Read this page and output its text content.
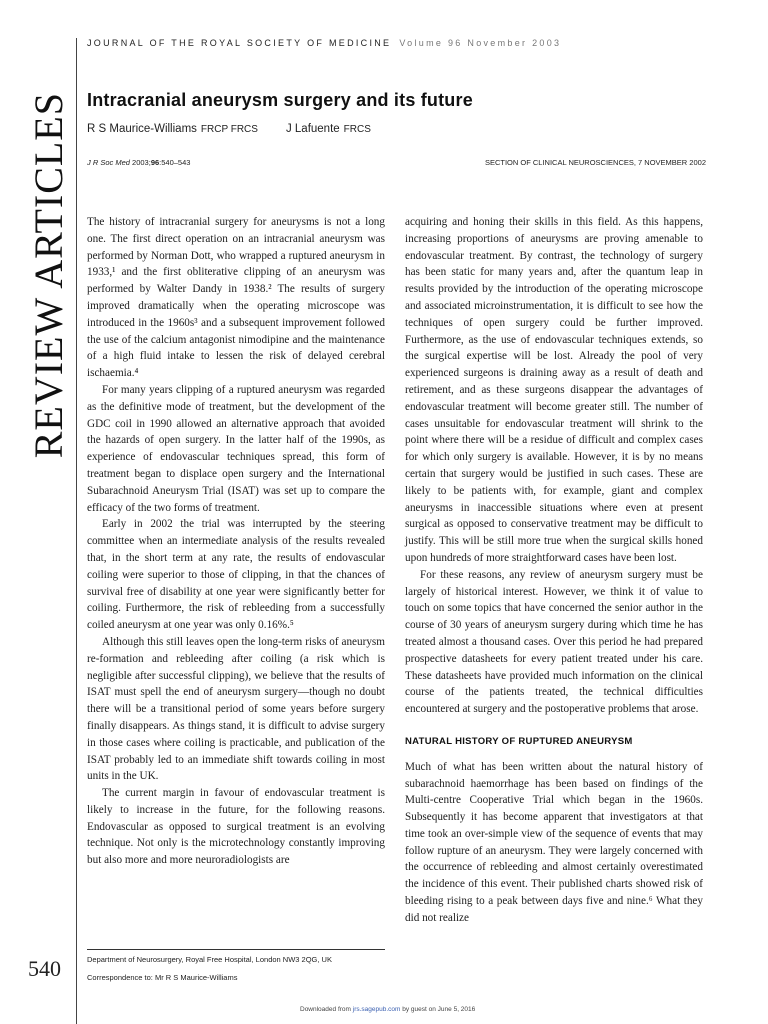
REVIEW ARTICLES
540
JOURNAL OF THE ROYAL SOCIETY OF MEDICINE Volume 96 November 2003
Intracranial aneurysm surgery and its future
R S Maurice-Williams FRCP FRCS J Lafuente FRCS
J R Soc Med 2003;96:540–543	SECTION OF CLINICAL NEUROSCIENCES, 7 NOVEMBER 2002

The history of intracranial surgery for aneurysms is not a long one. The first direct operation on an intracranial aneurysm was performed by Norman Dott, who wrapped a ruptured aneurysm in 1933,¹ and the first obliterative clipping of an aneurysm was performed by Walter Dandy in 1938.² The results of surgery improved dramatically when the operating microscope was introduced in the 1960s³ and a subsequent improvement followed the use of the calcium antagonist nimodipine and the maintenance of a high fluid intake to lessen the risk of delayed cerebral ischaemia.⁴

For many years clipping of a ruptured aneurysm was regarded as the definitive mode of treatment, but the development of the GDC coil in 1990 allowed an alternative approach that avoided the hazards of open surgery. In the latter half of the 1990s, as experience of endovascular techniques spread, this form of treatment began to displace open surgery and the International Subarachnoid Aneurysm Trial (ISAT) was set up to compare the efficacy of the two forms of treatment.

Early in 2002 the trial was interrupted by the steering committee when an intermediate analysis of the results revealed that, in the short term at any rate, the results of endovascular coiling were superior to those of clipping, in that the chances of survival free of disability at one year were significantly better for coiling. Furthermore, the risk of rebleeding from a successfully coiled aneurysm at one year was only 0.16%.⁵

Although this still leaves open the long-term risks of aneurysm re-formation and rebleeding after coiling (a risk which is negligible after successful clipping), we believe that the results of ISAT must spell the end of aneurysm surgery—though no doubt there will be a transitional period of some years before surgery finally disappears. As things stand, it is difficult to advise surgery in those cases where coiling is practicable, and publication of the ISAT probably led to an immediate shift towards coiling in most units in the UK.

The current margin in favour of endovascular treatment is likely to increase in the future, for the following reasons. Endovascular as opposed to surgical treatment is an evolving technique. Not only is the microtechnology constantly improving but also more and more neuroradiologists are

acquiring and honing their skills in this field. As this happens, increasing proportions of aneurysms are proving amenable to endovascular treatment. By contrast, the technology of surgery has been static for many years and, after the quantum leap in results provided by the introduction of the operating microscope and associated microinstrumentation, it is difficult to see how the techniques of open surgery could be further improved. Furthermore, as the use of endovascular techniques extends, so the surgical expertise will be lost. Already the pool of very experienced surgeons is draining away as a result of death and retirement, and as these surgeons disappear the advantages of endovascular treatment will become greater still. The number of cases unsuitable for endovascular treatment will shrink to the point where there will be a residue of difficult and complex cases for which only surgery is available. However, it is by no means certain that surgery would be justified in such cases. These are likely to be patients with, for example, giant and complex aneurysms in inaccessible situations where even at present surgical as opposed to conservative treatment may be difficult to justify. This will be still more true when the surgical skills honed upon hundreds of more straightforward cases have been lost.

For these reasons, any review of aneurysm surgery must be largely of historical interest. However, we think it of value to touch on some topics that have concerned the senior author in the course of 30 years of aneurysm surgery during which time he has treated almost a thousand cases. Over this period he had prepared prospective datasheets for every patient treated under his care. These datasheets have provided much information on the clinical course of the patients treated, the technical difficulties encountered at surgery and the postoperative problems that arose.

NATURAL HISTORY OF RUPTURED ANEURYSM

Much of what has been written about the natural history of subarachnoid haemorrhage has been based on findings of the Multi-centre Cooperative Trial which began in the 1960s. Subsequently it has become apparent that investigators at that time took an over-simple view of the sequence of events that may follow rupture of an aneurysm. They were largely concerned with the occurrence of rebleeding and almost certainly overestimated the incidence of this event. Their published charts showed risk of bleeding rising to a peak between days five and nine.⁶ What they did not realize

Department of Neurosurgery, Royal Free Hospital, London NW3 2QG, UK
Correspondence to: Mr R S Maurice-Williams
Downloaded from jrs.sagepub.com by guest on June 5, 2016
